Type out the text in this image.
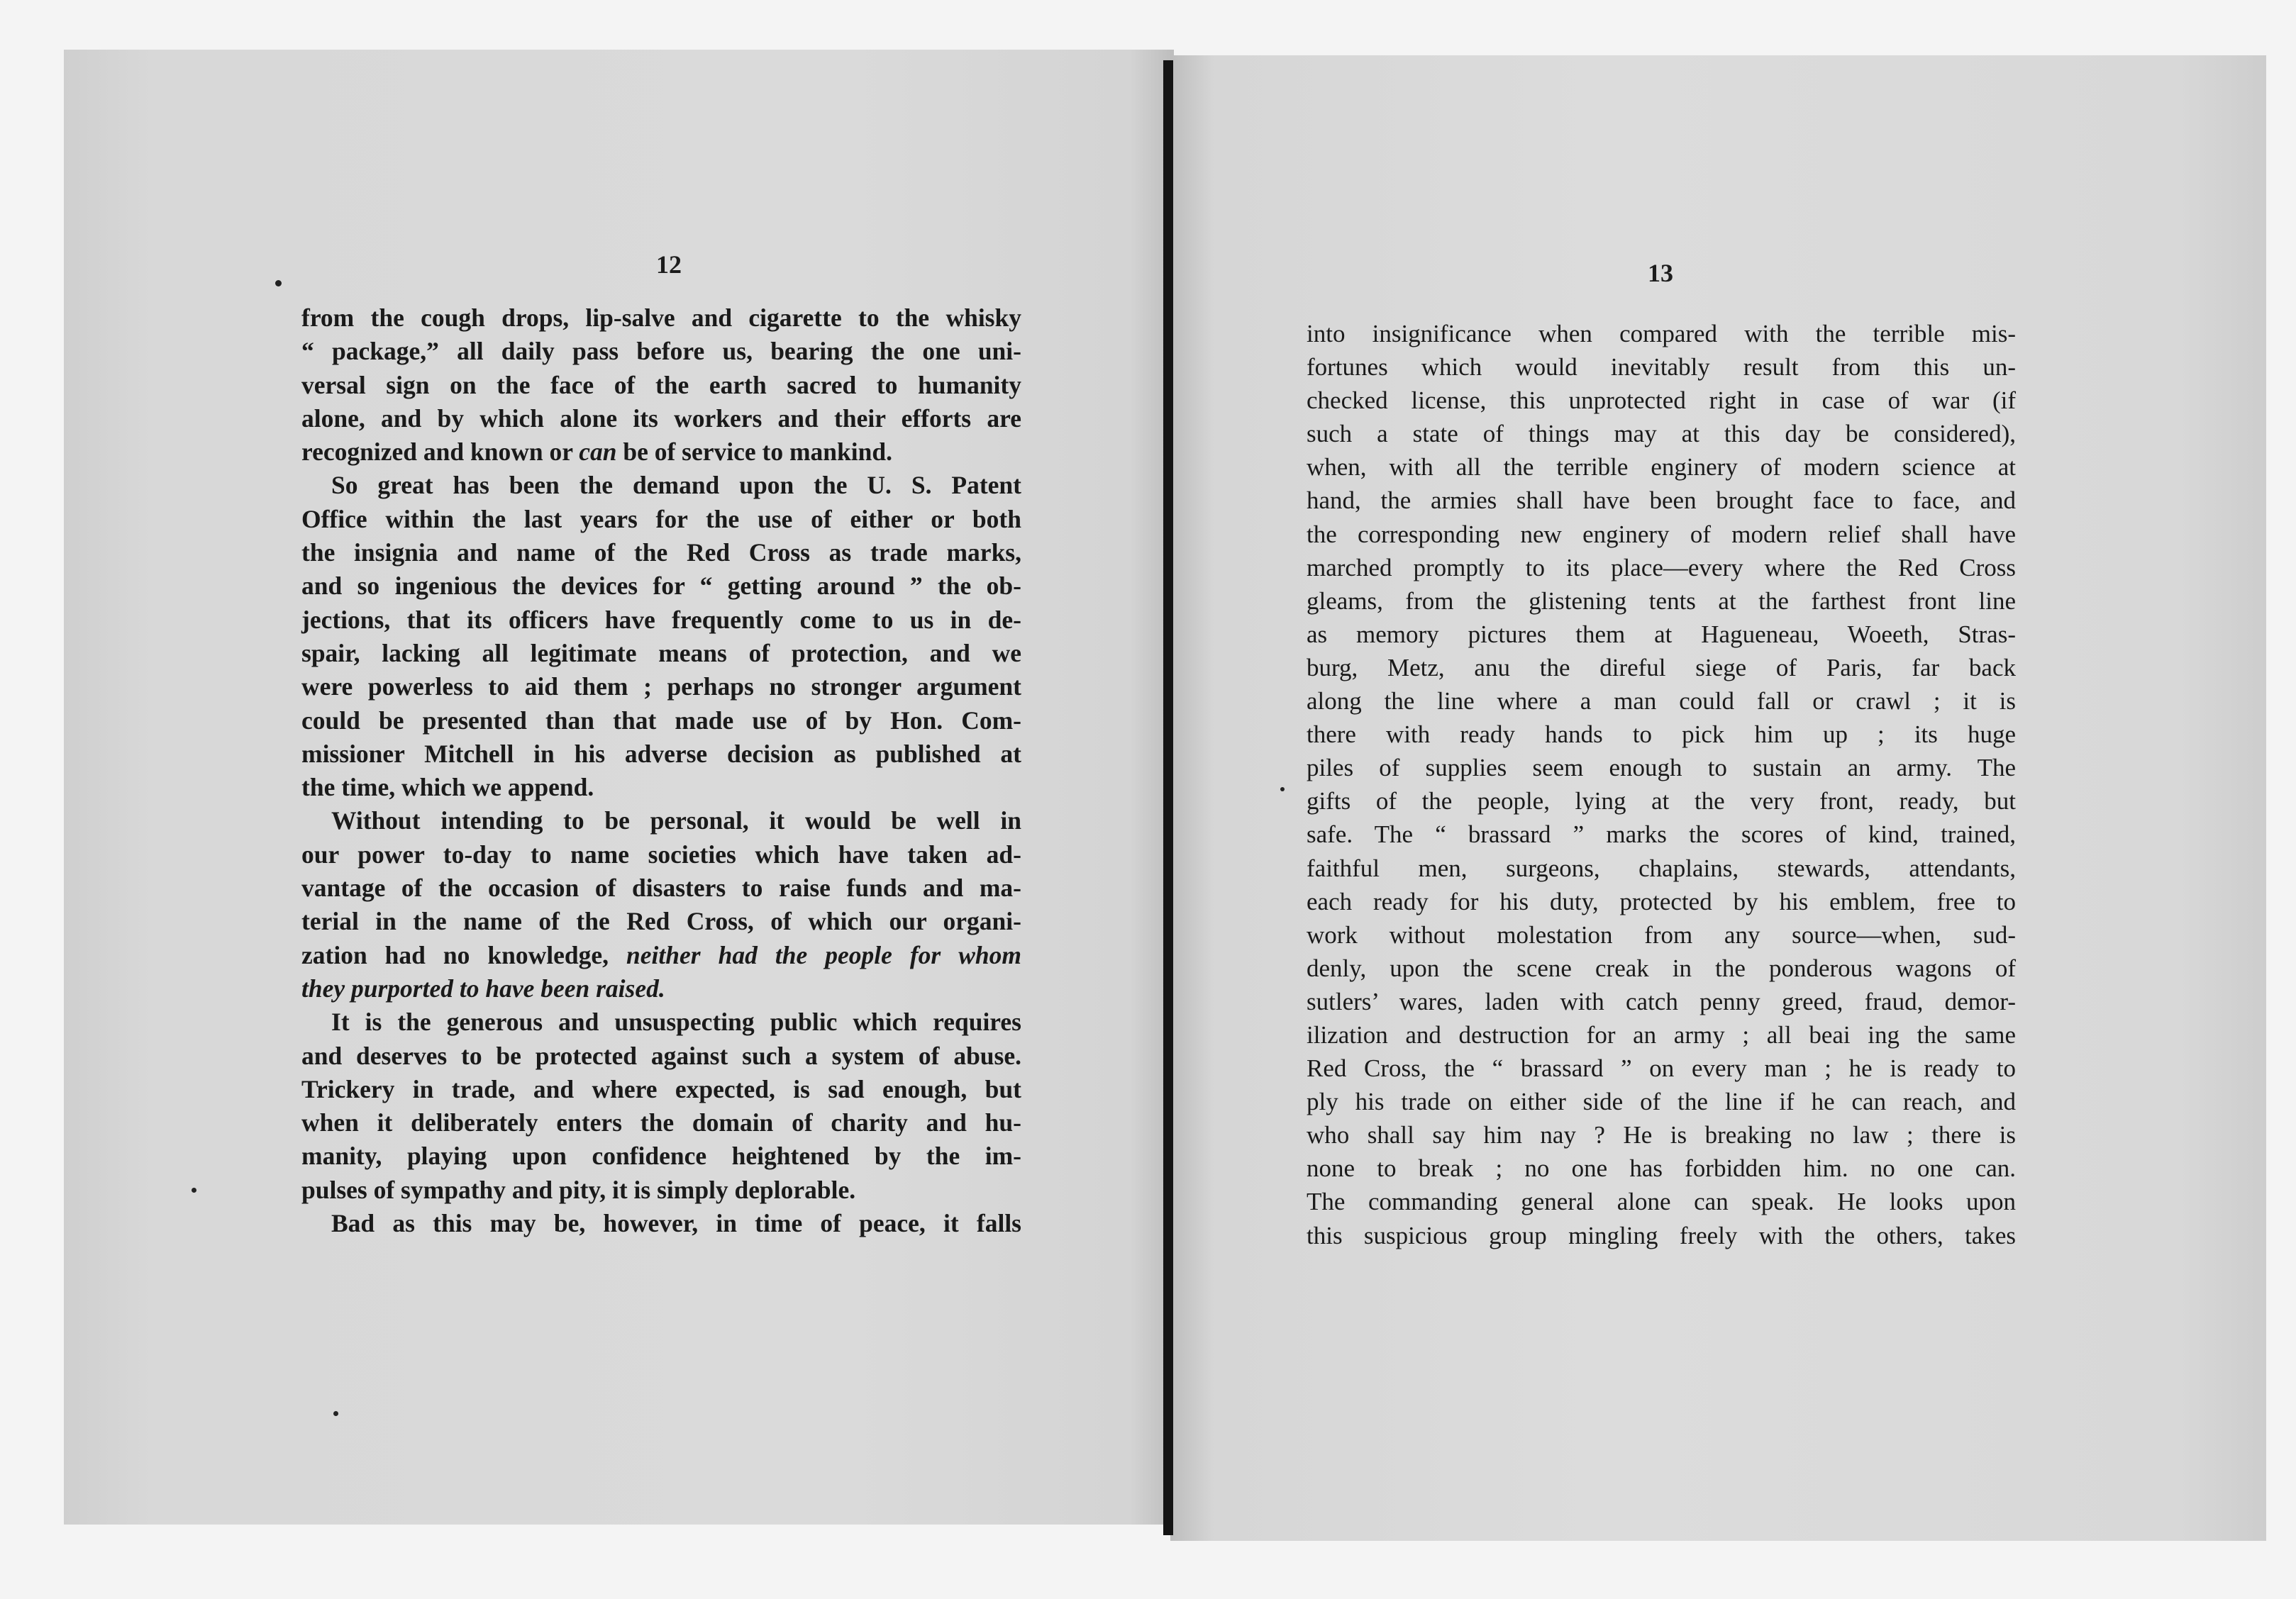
12	13
from the cough drops, lip-salve and cigarette to the whisky
“ package,” all daily pass before us, bearing the one uni-
versal sign on the face of the earth sacred to humanity
alone, and by which alone its workers and their efforts are
recognized and known or can be of service to mankind.
So great has been the demand upon the U. S. Patent
Office within the last years for the use of either or both
the insignia and name of the Red Cross as trade marks,
and so ingenious the devices for “ getting around ” the ob-
jections, that its officers have frequently come to us in de-
spair, lacking all legitimate means of protection, and we
were powerless to aid them ; perhaps no stronger argument
could be presented than that made use of by Hon. Com-
missioner Mitchell in his adverse decision as published at
the time, which we append.
Without intending to be personal, it would be well in
our power to-day to name societies which have taken ad-
vantage of the occasion of disasters to raise funds and ma-
terial in the name of the Red Cross, of which our organi-
zation had no knowledge, neither had the people for whom
they purported to have been raised.
It is the generous and unsuspecting public which requires
and deserves to be protected against such a system of abuse.
Trickery in trade, and where expected, is sad enough, but
when it deliberately enters the domain of charity and hu-
manity, playing upon confidence heightened by the im-
pulses of sympathy and pity, it is simply deplorable.
Bad as this may be, however, in time of peace, it falls
into insignificance when compared with the terrible mis-
fortunes which would inevitably result from this un-
checked license, this unprotected right in case of war (if
such a state of things may at this day be considered),
when, with all the terrible enginery of modern science at
hand, the armies shall have been brought face to face, and
the corresponding new enginery of modern relief shall have
marched promptly to its place—every where the Red Cross
gleams, from the glistening tents at the farthest front line
as memory pictures them at Hagueneau, Woeeth, Stras-
burg, Metz, anu the direful siege of Paris, far back
along the line where a man could fall or crawl ; it is
there with ready hands to pick him up ; its huge
piles of supplies seem enough to sustain an army. The
gifts of the people, lying at the very front, ready, but
safe. The “ brassard ” marks the scores of kind, trained,
faithful men, surgeons, chaplains, stewards, attendants,
each ready for his duty, protected by his emblem, free to
work without molestation from any source—when, sud-
denly, upon the scene creak in the ponderous wagons of
sutlers’ wares, laden with catch penny greed, fraud, demor-
ilization and destruction for an army ; all beai ing the same
Red Cross, the “ brassard ” on every man ; he is ready to
ply his trade on either side of the line if he can reach, and
who shall say him nay ? He is breaking no law ; there is
none to break ; no one has forbidden him. no one can.
The commanding general alone can speak. He looks upon
this suspicious group mingling freely with the others, takes
